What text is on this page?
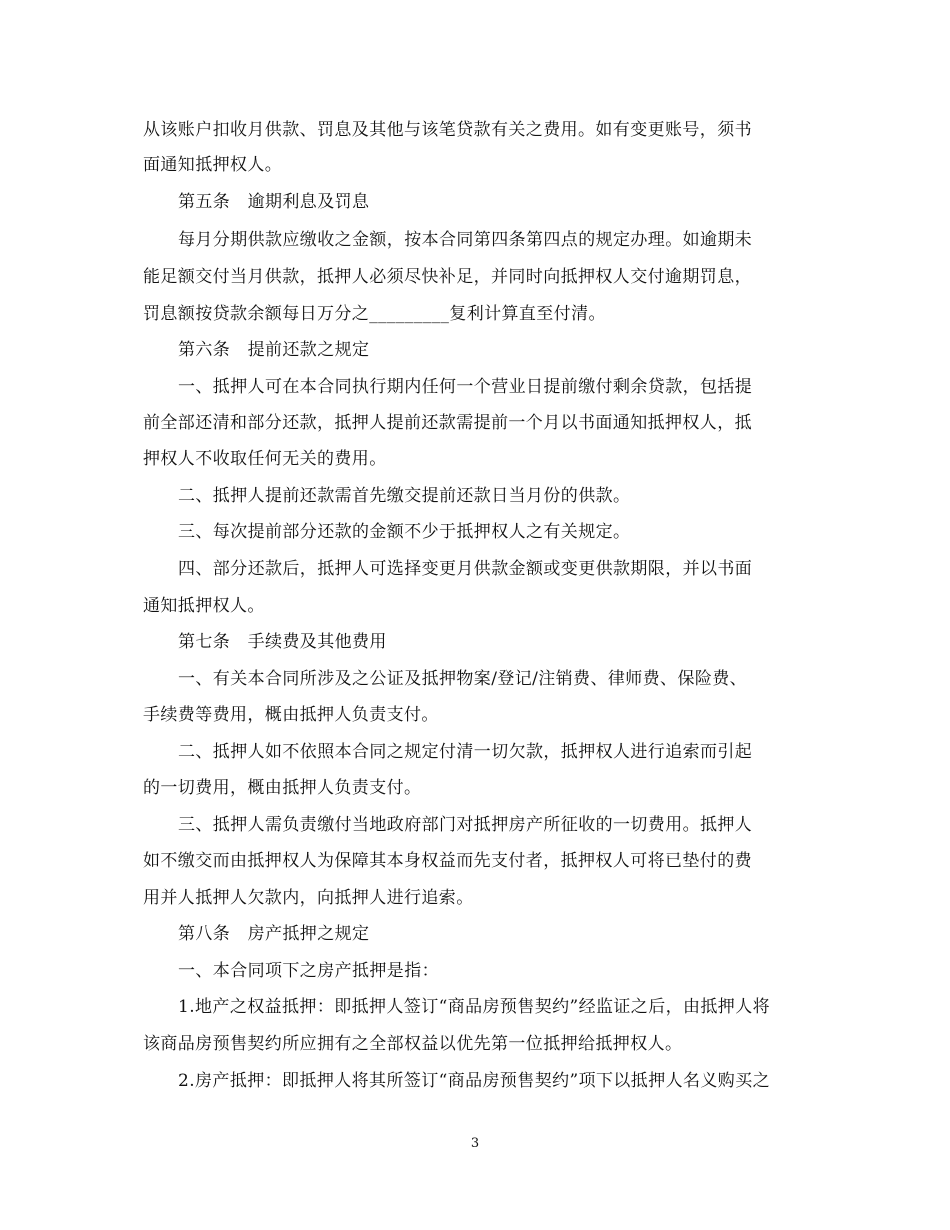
从该账户扣收月供款、罚息及其他与该笔贷款有关之费用。如有变更账号，须书
面通知抵押权人。
第五条　逾期利息及罚息
每月分期供款应缴收之金额，按本合同第四条第四点的规定办理。如逾期未
能足额交付当月供款，抵押人必须尽快补足，并同时向抵押权人交付逾期罚息，
罚息额按贷款余额每日万分之_________复利计算直至付清。
第六条　提前还款之规定
一、抵押人可在本合同执行期内任何一个营业日提前缴付剩余贷款，包括提
前全部还清和部分还款，抵押人提前还款需提前一个月以书面通知抵押权人，抵
押权人不收取任何无关的费用。
二、抵押人提前还款需首先缴交提前还款日当月份的供款。
三、每次提前部分还款的金额不少于抵押权人之有关规定。
四、部分还款后，抵押人可选择变更月供款金额或变更供款期限，并以书面
通知抵押权人。
第七条　手续费及其他费用
一、有关本合同所涉及之公证及抵押物案/登记/注销费、律师费、保险费、
手续费等费用，概由抵押人负责支付。
二、抵押人如不依照本合同之规定付清一切欠款，抵押权人进行追索而引起
的一切费用，概由抵押人负责支付。
三、抵押人需负责缴付当地政府部门对抵押房产所征收的一切费用。抵押人
如不缴交而由抵押权人为保障其本身权益而先支付者，抵押权人可将已垫付的费
用并人抵押人欠款内，向抵押人进行追索。
第八条　房产抵押之规定
一、本合同项下之房产抵押是指：
1.地产之权益抵押：即抵押人签订“商品房预售契约”经监证之后，由抵押人将
该商品房预售契约所应拥有之全部权益以优先第一位抵押给抵押权人。
2.房产抵押：即抵押人将其所签订“商品房预售契约”项下以抵押人名义购买之
3
